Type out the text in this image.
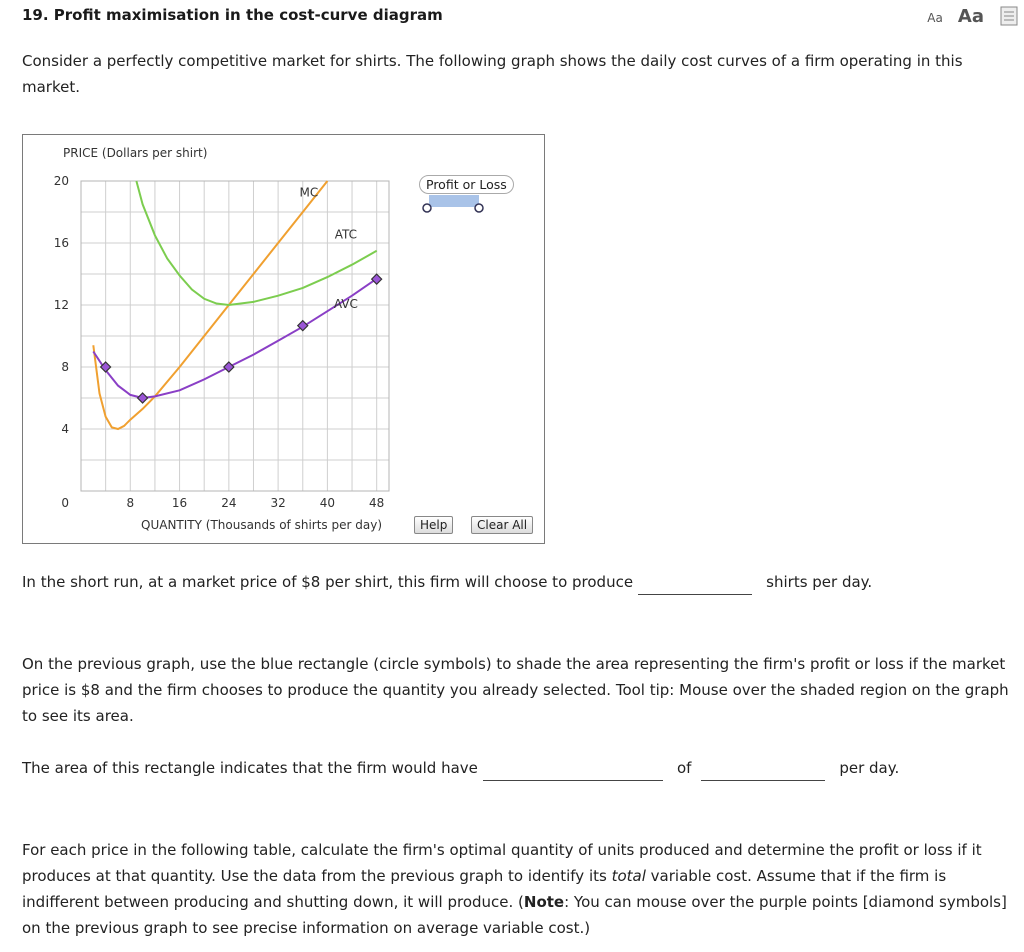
19. Profit maximisation in the cost-curve diagram	Aa Aa

Consider a perfectly competitive market for shirts. The following graph shows the daily cost curves of a firm operating in this market.

8	16	24	32	40	48
0
4
8
12
16
20
PRICE (Dollars per shirt)
QUANTITY (Thousands of shirts per day)
MC
ATC
AVC
Profit or Loss
Help	Clear All

In the short run, at a market price of $8 per shirt, this firm will choose to produce	shirts per day.

On the previous graph, use the blue rectangle (circle symbols) to shade the area representing the firm's profit or loss if the market price is $8 and the firm chooses to produce the quantity you already selected. Tool tip: Mouse over the shaded region on the graph to see its area.

The area of this rectangle indicates that the firm would have	of	per day.

For each price in the following table, calculate the firm's optimal quantity of units produced and determine the profit or loss if it produces at that quantity. Use the data from the previous graph to identify its total variable cost. Assume that if the firm is indifferent between producing and shutting down, it will produce. (Note: You can mouse over the purple points [diamond symbols] on the previous graph to see precise information on average variable cost.)
